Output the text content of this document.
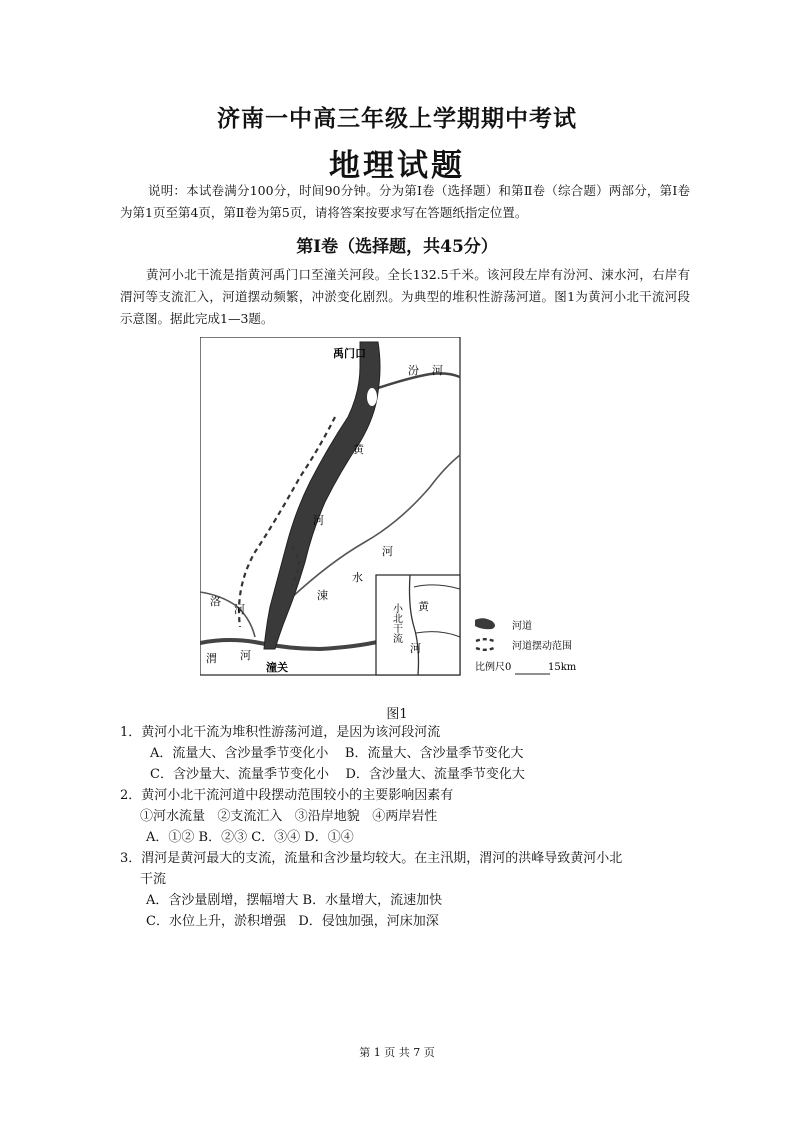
济南一中高三年级上学期期中考试
地理试题
说明：本试卷满分100分，时间90分钟。分为第Ⅰ卷（选择题）和第Ⅱ卷（综合题）两部分，第Ⅰ卷为第1页至第4页，第Ⅱ卷为第5页，请将答案按要求写在答题纸指定位置。
第Ⅰ卷（选择题，共45分）
黄河小北干流是指黄河禹门口至潼关河段。全长132.5千米。该河段左岸有汾河、涑水河，右岸有渭河等支流汇入，河道摆动频繁，冲淤变化剧烈。为典型的堆积性游荡河道。图1为黄河小北干流河段示意图。据此完成1—3题。
禹门口
汾 河
黄
河
河
水
涑
洛
河
渭 河
潼关
黄
河
小北干流	河道
河道摆动范围
比例尺0	15km
图1
1．黄河小北干流为堆积性游荡河道，是因为该河段河流
A．流量大、含沙量季节变化小    B．流量大、含沙量季节变化大
C．含沙量大、流量季节变化小    D．含沙量大、流量季节变化大
2．黄河小北干流河道中段摆动范围较小的主要影响因素有
①河水流量   ②支流汇入   ③沿岸地貌   ④两岸岩性
A．①② B．②③ C．③④ D．①④
3．渭河是黄河最大的支流，流量和含沙量均较大。在主汛期，渭河的洪峰导致黄河小北
干流
A．含沙量剧增，摆幅增大 B．水量增大，流速加快
C．水位上升，淤积增强   D．侵蚀加强，河床加深
第 1 页 共 7 页
